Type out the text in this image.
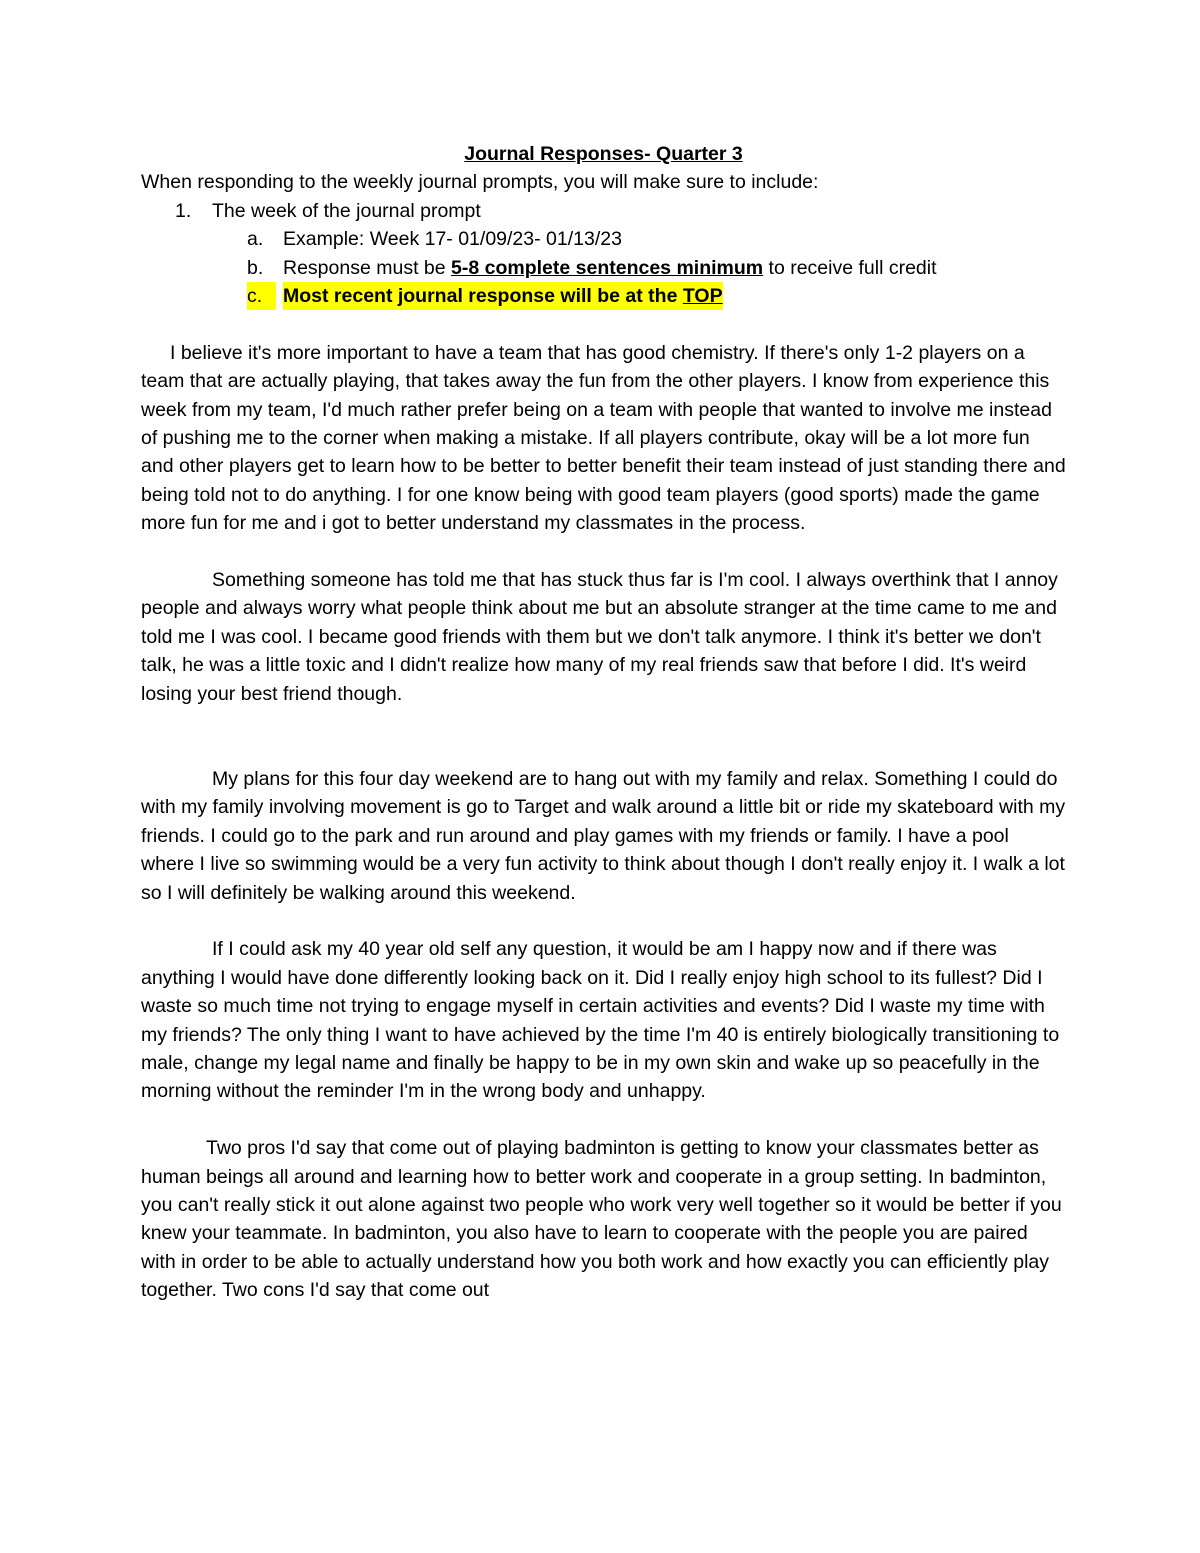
Journal Responses- Quarter 3

When responding to the weekly journal prompts, you will make sure to include:

1.	The week of the journal prompt
a.	Example: Week 17- 01/09/23- 01/13/23
b.	Response must be 5-8 complete sentences minimum to receive full credit
c.	Most recent journal response will be at the TOP

I believe it's more important to have a team that has good chemistry. If there's only 1-2 players on a team that are actually playing, that takes away the fun from the other players. I know from experience this week from my team, I'd much rather prefer being on a team with people that wanted to involve me instead of pushing me to the corner when making a mistake. If all players contribute, okay will be a lot more fun and other players get to learn how to be better to better benefit their team instead of just standing there and being told not to do anything. I for one know being with good team players (good sports) made the game more fun for me and i got to better understand my classmates in the process.

Something someone has told me that has stuck thus far is I'm cool. I always overthink that I annoy people and always worry what people think about me but an absolute stranger at the time came to me and told me I was cool. I became good friends with them but we don't talk anymore. I think it's better we don't talk, he was a little toxic and I didn't realize how many of my real friends saw that before I did. It's weird losing your best friend though.

My plans for this four day weekend are to hang out with my family and relax. Something I could do with my family involving movement is go to Target and walk around a little bit or ride my skateboard with my friends. I could go to the park and run around and play games with my friends or family. I have a pool where I live so swimming would be a very fun activity to think about though I don't really enjoy it. I walk a lot so I will definitely be walking around this weekend.

If I could ask my 40 year old self any question, it would be am I happy now and if there was anything I would have done differently looking back on it. Did I really enjoy high school to its fullest? Did I waste so much time not trying to engage myself in certain activities and events? Did I waste my time with my friends? The only thing I want to have achieved by the time I'm 40 is entirely biologically transitioning to male, change my legal name and finally be happy to be in my own skin and wake up so peacefully in the morning without the reminder I'm in the wrong body and unhappy.

Two pros I'd say that come out of playing badminton is getting to know your classmates better as human beings all around and learning how to better work and cooperate in a group setting. In badminton, you can't really stick it out alone against two people who work very well together so it would be better if you knew your teammate. In badminton, you also have to learn to cooperate with the people you are paired with in order to be able to actually understand how you both work and how exactly you can efficiently play together. Two cons I'd say that come out
